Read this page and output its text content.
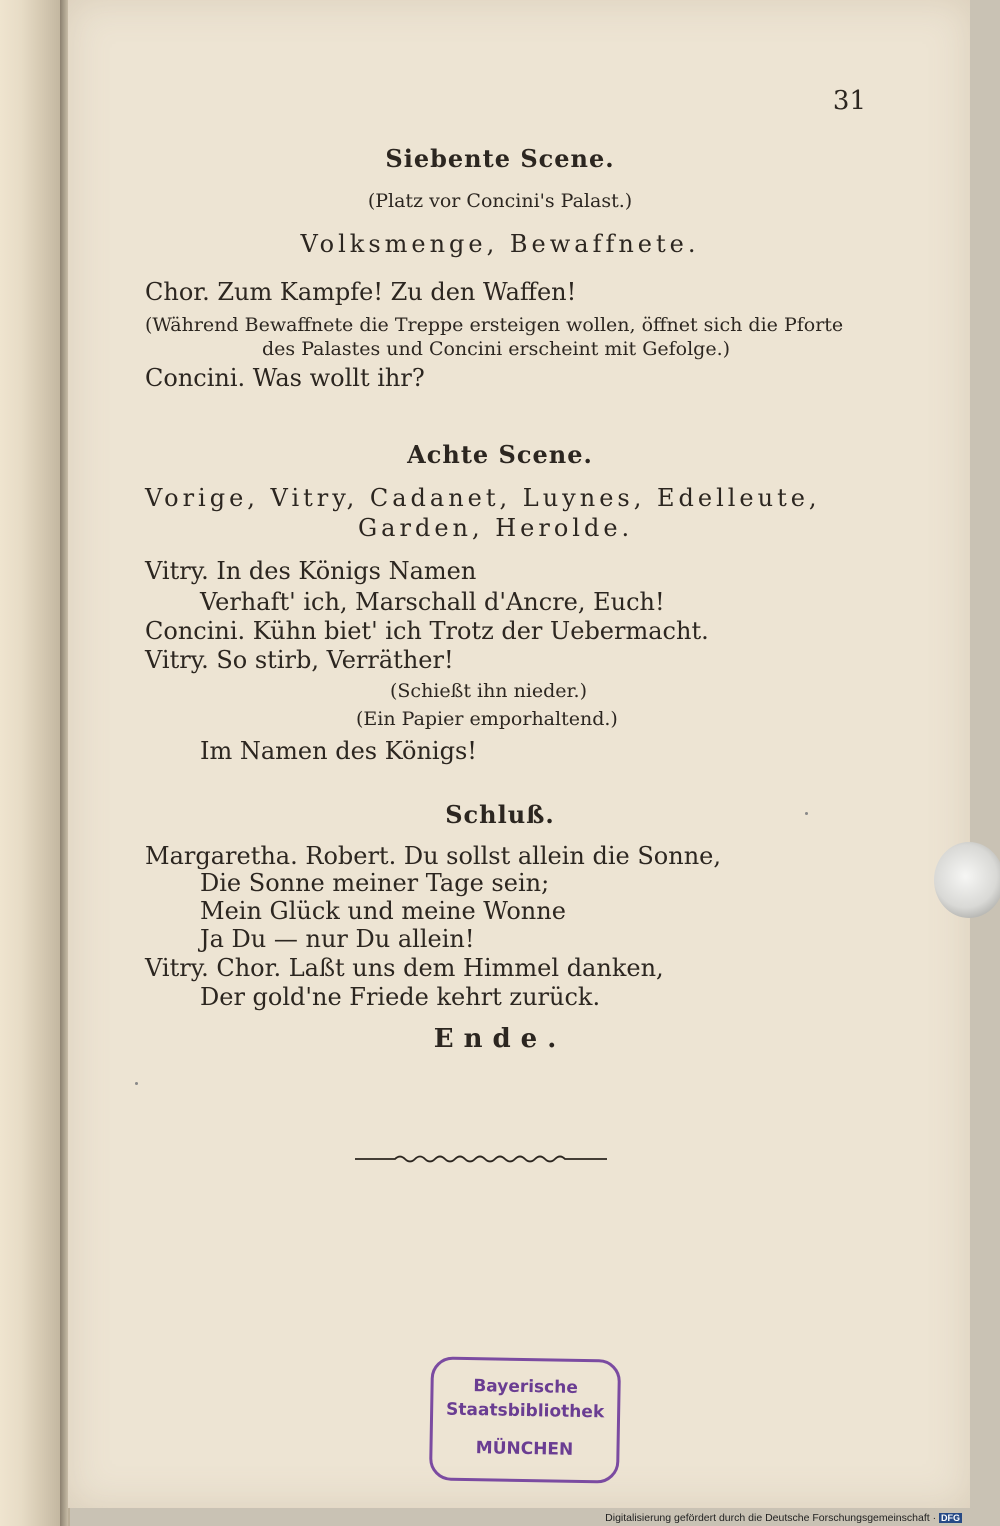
31
Siebente Scene.
(Platz vor Concini's Palast.)
Volksmenge, Bewaffnete.
Chor. Zum Kampfe! Zu den Waffen!
(Während Bewaffnete die Treppe ersteigen wollen, öffnet sich die Pforte
des Palastes und Concini erscheint mit Gefolge.)
Concini. Was wollt ihr?
Achte Scene.
Vorige, Vitry, Cadanet, Luynes, Edelleute,
Garden, Herolde.
Vitry. In des Königs Namen
Verhaft' ich, Marschall d'Ancre, Euch!
Concini. Kühn biet' ich Trotz der Uebermacht.
Vitry. So stirb, Verräther!
(Schießt ihn nieder.)
(Ein Papier emporhaltend.)
Im Namen des Königs!
Schluß.
Margaretha. Robert. Du sollst allein die Sonne,
Die Sonne meiner Tage sein;
Mein Glück und meine Wonne
Ja Du — nur Du allein!
Vitry. Chor. Laßt uns dem Himmel danken,
Der gold'ne Friede kehrt zurück.
Ende.
Bayerische
Staatsbibliothek
MÜNCHEN
Digitalisierung gefördert durch die Deutsche Forschungsgemeinschaft · DFG
